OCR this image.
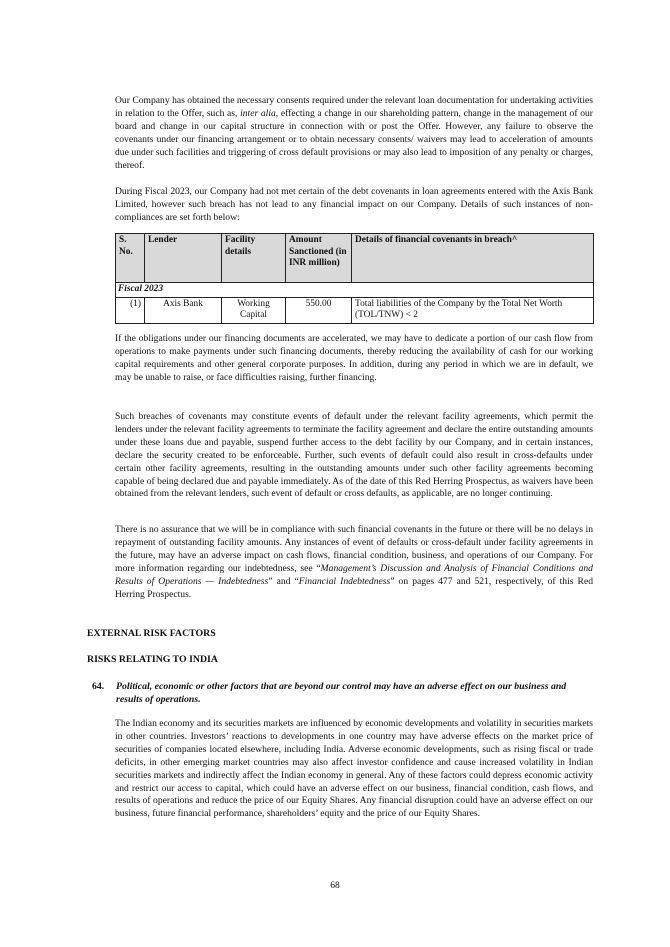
Our Company has obtained the necessary consents required under the relevant loan documentation for undertaking activities in relation to the Offer, such as, inter alia, effecting a change in our shareholding pattern, change in the management of our board and change in our capital structure in connection with or post the Offer. However, any failure to observe the covenants under our financing arrangement or to obtain necessary consents/ waivers may lead to acceleration of amounts due under such facilities and triggering of cross default provisions or may also lead to imposition of any penalty or charges, thereof.

During Fiscal 2023, our Company had not met certain of the debt covenants in loan agreements entered with the Axis Bank Limited, however such breach has not lead to any financial impact on our Company. Details of such instances of non-compliances are set forth below:

S. No.	Lender	Facility details	Amount Sanctioned (in INR million)	Details of financial covenants in breach^
Fiscal 2023				
(1)	Axis Bank	Working Capital	550.00	Total liabilities of the Company by the Total Net Worth (TOL/TNW) < 2

If the obligations under our financing documents are accelerated, we may have to dedicate a portion of our cash flow from operations to make payments under such financing documents, thereby reducing the availability of cash for our working capital requirements and other general corporate purposes. In addition, during any period in which we are in default, we may be unable to raise, or face difficulties raising, further financing.

Such breaches of covenants may constitute events of default under the relevant facility agreements, which permit the lenders under the relevant facility agreements to terminate the facility agreement and declare the entire outstanding amounts under these loans due and payable, suspend further access to the debt facility by our Company, and in certain instances, declare the security created to be enforceable. Further, such events of default could also result in cross-defaults under certain other facility agreements, resulting in the outstanding amounts under such other facility agreements becoming capable of being declared due and payable immediately. As of the date of this Red Herring Prospectus, as waivers have been obtained from the relevant lenders, such event of default or cross defaults, as applicable, are no longer continuing.

There is no assurance that we will be in compliance with such financial covenants in the future or there will be no delays in repayment of outstanding facility amounts. Any instances of event of defaults or cross-default under facility agreements in the future, may have an adverse impact on cash flows, financial condition, business, and operations of our Company. For more information regarding our indebtedness, see “Management’s Discussion and Analysis of Financial Conditions and Results of Operations — Indebtedness” and “Financial Indebtedness” on pages 477 and 521, respectively, of this Red Herring Prospectus.

EXTERNAL RISK FACTORS

RISKS RELATING TO INDIA

64.	Political, economic or other factors that are beyond our control may have an adverse effect on our business and results of operations.

The Indian economy and its securities markets are influenced by economic developments and volatility in securities markets in other countries. Investors’ reactions to developments in one country may have adverse effects on the market price of securities of companies located elsewhere, including India. Adverse economic developments, such as rising fiscal or trade deficits, in other emerging market countries may also affect investor confidence and cause increased volatility in Indian securities markets and indirectly affect the Indian economy in general. Any of these factors could depress economic activity and restrict our access to capital, which could have an adverse effect on our business, financial condition, cash flows, and results of operations and reduce the price of our Equity Shares. Any financial disruption could have an adverse effect on our business, future financial performance, shareholders’ equity and the price of our Equity Shares.

68
